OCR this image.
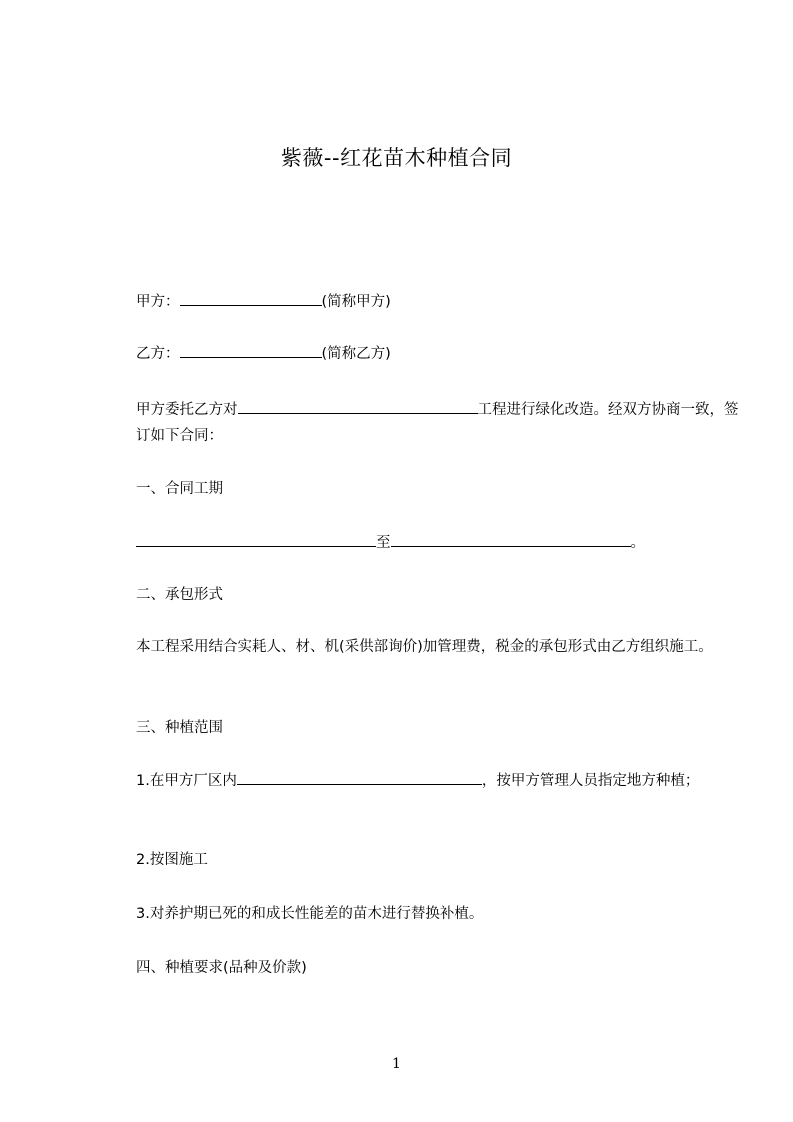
紫薇--红花苗木种植合同
甲方：	(简称甲方)
乙方：	(简称乙方)
甲方委托乙方对	工程进行绿化改造。经双方协商一致，签订如下合同：
一、合同工期
至	。
二、承包形式
本工程采用结合实耗人、材、机(采供部询价)加管理费，税金的承包形式由乙方组织施工。
三、种植范围
1.在甲方厂区内	，按甲方管理人员指定地方种植；
2.按图施工
3.对养护期已死的和成长性能差的苗木进行替换补植。
四、种植要求(品种及价款)
1
